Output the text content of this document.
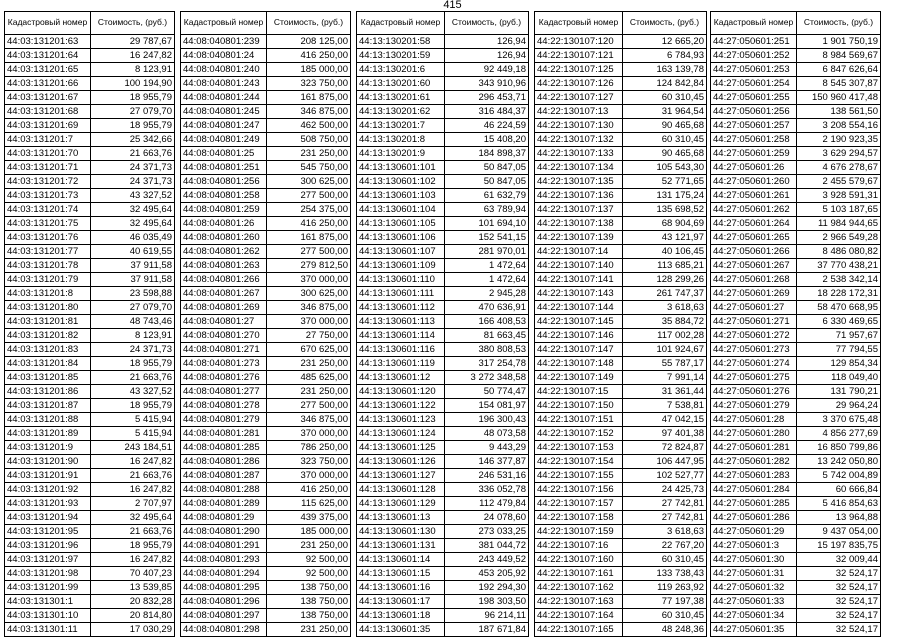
415
Кадастровый номер	Стоимость, (руб.)
44:03:131201:63	29 787,67
44:03:131201:64	16 247,82
44:03:131201:65	8 123,91
44:03:131201:66	100 194,90
44:03:131201:67	18 955,79
44:03:131201:68	27 079,70
44:03:131201:69	18 955,79
44:03:131201:7	25 342,66
44:03:131201:70	21 663,76
44:03:131201:71	24 371,73
44:03:131201:72	24 371,73
44:03:131201:73	43 327,52
44:03:131201:74	32 495,64
44:03:131201:75	32 495,64
44:03:131201:76	46 035,49
44:03:131201:77	40 619,55
44:03:131201:78	37 911,58
44:03:131201:79	37 911,58
44:03:131201:8	23 598,88
44:03:131201:80	27 079,70
44:03:131201:81	48 743,46
44:03:131201:82	8 123,91
44:03:131201:83	24 371,73
44:03:131201:84	18 955,79
44:03:131201:85	21 663,76
44:03:131201:86	43 327,52
44:03:131201:87	18 955,79
44:03:131201:88	5 415,94
44:03:131201:89	5 415,94
44:03:131201:9	243 184,51
44:03:131201:90	16 247,82
44:03:131201:91	21 663,76
44:03:131201:92	16 247,82
44:03:131201:93	2 707,97
44:03:131201:94	32 495,64
44:03:131201:95	21 663,76
44:03:131201:96	18 955,79
44:03:131201:97	16 247,82
44:03:131201:98	70 407,23
44:03:131201:99	13 539,85
44:03:131301:1	20 832,28
44:03:131301:10	20 814,80
44:03:131301:11	17 030,29
Кадастровый номер	Стоимость, (руб.)
44:08:040801:239	208 125,00
44:08:040801:24	416 250,00
44:08:040801:240	185 000,00
44:08:040801:243	323 750,00
44:08:040801:244	161 875,00
44:08:040801:245	346 875,00
44:08:040801:247	462 500,00
44:08:040801:249	508 750,00
44:08:040801:25	231 250,00
44:08:040801:251	545 750,00
44:08:040801:256	300 625,00
44:08:040801:258	277 500,00
44:08:040801:259	254 375,00
44:08:040801:26	416 250,00
44:08:040801:260	161 875,00
44:08:040801:262	277 500,00
44:08:040801:263	279 812,50
44:08:040801:266	370 000,00
44:08:040801:267	300 625,00
44:08:040801:269	346 875,00
44:08:040801:27	370 000,00
44:08:040801:270	27 750,00
44:08:040801:271	670 625,00
44:08:040801:273	231 250,00
44:08:040801:276	485 625,00
44:08:040801:277	231 250,00
44:08:040801:278	277 500,00
44:08:040801:279	346 875,00
44:08:040801:281	370 000,00
44:08:040801:285	786 250,00
44:08:040801:286	323 750,00
44:08:040801:287	370 000,00
44:08:040801:288	416 250,00
44:08:040801:289	115 625,00
44:08:040801:29	439 375,00
44:08:040801:290	185 000,00
44:08:040801:291	231 250,00
44:08:040801:293	92 500,00
44:08:040801:294	92 500,00
44:08:040801:295	138 750,00
44:08:040801:296	138 750,00
44:08:040801:297	138 750,00
44:08:040801:298	231 250,00
Кадастровый номер	Стоимость, (руб.)
44:13:130201:58	126,94
44:13:130201:59	126,94
44:13:130201:6	92 449,18
44:13:130201:60	343 910,96
44:13:130201:61	296 453,71
44:13:130201:62	316 484,37
44:13:130201:7	46 224,59
44:13:130201:8	15 408,20
44:13:130201:9	184 898,37
44:13:130601:101	50 847,05
44:13:130601:102	50 847,05
44:13:130601:103	61 632,79
44:13:130601:104	63 789,94
44:13:130601:105	101 694,10
44:13:130601:106	152 541,15
44:13:130601:107	281 970,01
44:13:130601:109	1 472,64
44:13:130601:110	1 472,64
44:13:130601:111	2 945,28
44:13:130601:112	470 636,91
44:13:130601:113	166 408,53
44:13:130601:114	81 663,45
44:13:130601:116	380 808,53
44:13:130601:119	317 254,78
44:13:130601:12	3 272 348,58
44:13:130601:120	50 774,47
44:13:130601:122	154 081,97
44:13:130601:123	196 300,43
44:13:130601:124	48 073,58
44:13:130601:125	9 443,29
44:13:130601:126	146 377,87
44:13:130601:127	246 531,16
44:13:130601:128	336 052,78
44:13:130601:129	112 479,84
44:13:130601:13	24 078,60
44:13:130601:130	273 033,25
44:13:130601:131	381 044,72
44:13:130601:14	243 449,52
44:13:130601:15	453 205,92
44:13:130601:16	192 294,30
44:13:130601:17	198 303,50
44:13:130601:18	96 214,11
44:13:130601:35	187 671,84
Кадастровый номер	Стоимость, (руб.)
44:22:130107:120	12 665,20
44:22:130107:121	6 784,93
44:22:130107:125	163 139,78
44:22:130107:126	124 842,84
44:22:130107:127	60 310,45
44:22:130107:13	31 964,54
44:22:130107:130	90 465,68
44:22:130107:132	60 310,45
44:22:130107:133	90 465,68
44:22:130107:134	105 543,30
44:22:130107:135	52 771,65
44:22:130107:136	131 175,24
44:22:130107:137	135 698,52
44:22:130107:138	68 904,69
44:22:130107:139	43 121,97
44:22:130107:14	40 106,45
44:22:130107:140	113 685,21
44:22:130107:141	128 299,26
44:22:130107:143	261 747,37
44:22:130107:144	3 618,63
44:22:130107:145	35 884,72
44:22:130107:146	117 002,28
44:22:130107:147	101 924,67
44:22:130107:148	55 787,17
44:22:130107:149	7 991,14
44:22:130107:15	31 361,44
44:22:130107:150	7 538,81
44:22:130107:151	47 042,15
44:22:130107:152	97 401,38
44:22:130107:153	72 824,87
44:22:130107:154	106 447,95
44:22:130107:155	102 527,77
44:22:130107:156	24 425,73
44:22:130107:157	27 742,81
44:22:130107:158	27 742,81
44:22:130107:159	3 618,63
44:22:130107:16	22 767,20
44:22:130107:160	60 310,45
44:22:130107:161	133 738,43
44:22:130107:162	119 263,92
44:22:130107:163	77 197,38
44:22:130107:164	60 310,45
44:22:130107:165	48 248,36
Кадастровый номер	Стоимость, (руб.)
44:27:050601:251	1 901 750,19
44:27:050601:252	8 984 569,67
44:27:050601:253	6 847 626,64
44:27:050601:254	8 545 307,87
44:27:050601:255	150 960 417,48
44:27:050601:256	138 561,50
44:27:050601:257	3 208 554,16
44:27:050601:258	2 190 923,35
44:27:050601:259	3 629 294,57
44:27:050601:26	4 676 278,67
44:27:050601:260	2 455 579,67
44:27:050601:261	3 928 591,31
44:27:050601:262	5 103 187,65
44:27:050601:264	11 984 944,65
44:27:050601:265	2 966 549,28
44:27:050601:266	8 486 080,82
44:27:050601:267	37 770 438,21
44:27:050601:268	2 538 342,14
44:27:050601:269	18 228 172,31
44:27:050601:27	58 470 668,95
44:27:050601:271	6 330 469,65
44:27:050601:272	71 957,67
44:27:050601:273	77 794,55
44:27:050601:274	129 854,34
44:27:050601:275	118 049,40
44:27:050601:276	131 790,21
44:27:050601:279	29 964,24
44:27:050601:28	3 370 675,48
44:27:050601:280	4 856 277,69
44:27:050601:281	16 850 799,86
44:27:050601:282	13 242 050,80
44:27:050601:283	5 742 004,89
44:27:050601:284	60 666,84
44:27:050601:285	5 416 854,63
44:27:050601:286	13 964,88
44:27:050601:29	9 437 054,00
44:27:050601:3	15 197 835,75
44:27:050601:30	32 009,44
44:27:050601:31	32 524,17
44:27:050601:32	32 524,17
44:27:050601:33	32 524,17
44:27:050601:34	32 524,17
44:27:050601:35	32 524,17
